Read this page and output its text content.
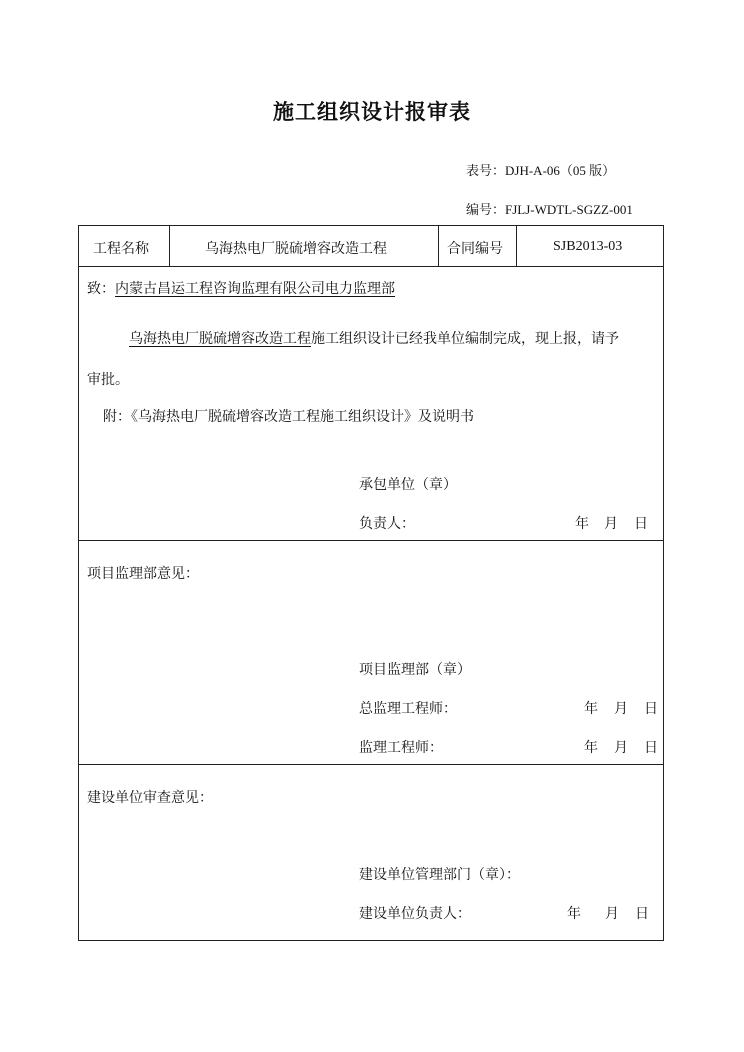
施工组织设计报审表
表号：DJH-A-06（05 版）
编号：FJLJ-WDTL-SGZZ-001
工程名称	乌海热电厂脱硫增容改造工程	合同编号	SJB2013-03
致：内蒙古昌运工程咨询监理有限公司电力监理部
乌海热电厂脱硫增容改造工程施工组织设计已经我单位编制完成，现上报，请予
审批。
附：《乌海热电厂脱硫增容改造工程施工组织设计》及说明书
承包单位（章）
负责人：	年 月 日
项目监理部意见：
项目监理部（章）
总监理工程师：	年 月 日
监理工程师：	年 月 日
建设单位审查意见：
建设单位管理部门（章）：
建设单位负责人：	年 月 日
